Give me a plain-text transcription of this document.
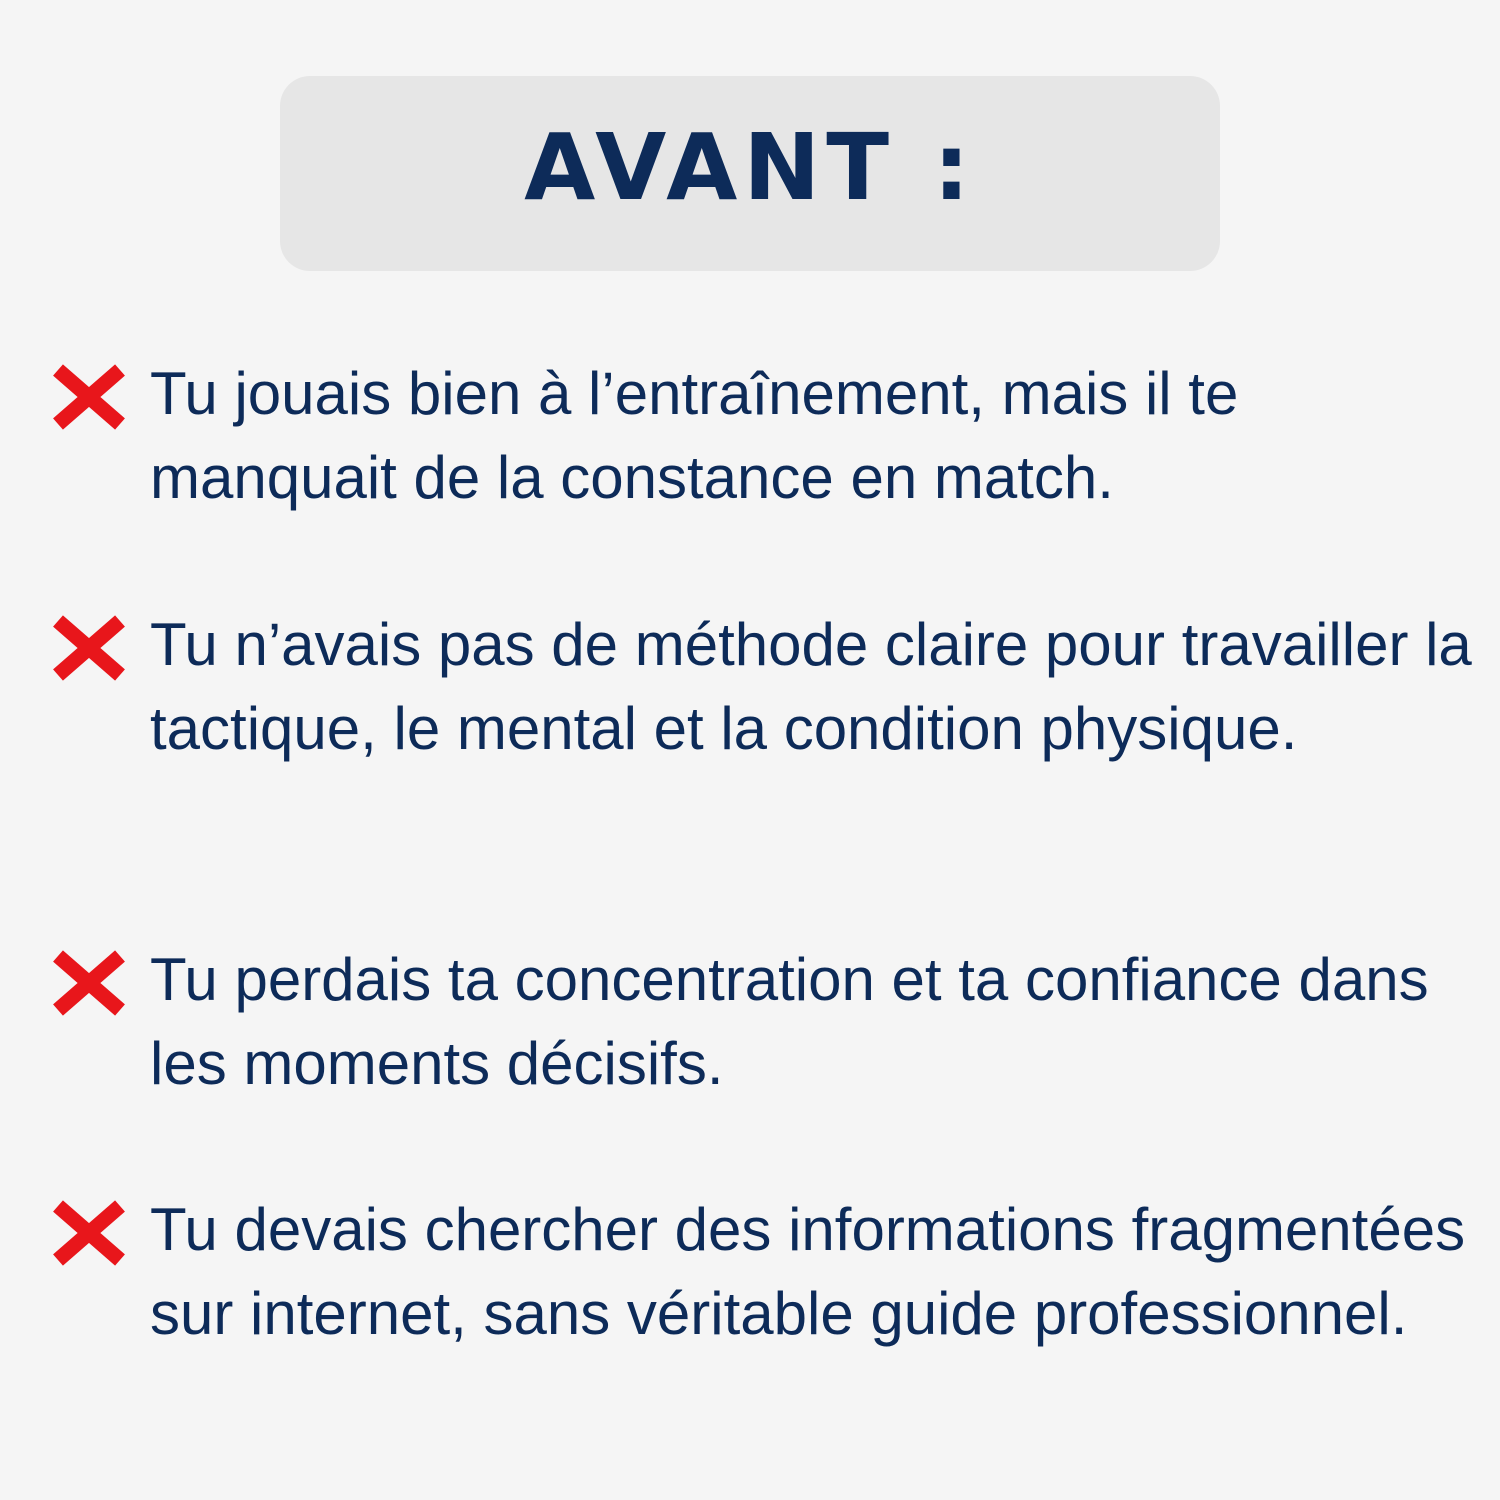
AVANT :

Tu jouais bien à l’entraînement, mais il te manquait de la constance en match.

Tu n’avais pas de méthode claire pour travailler la tactique, le mental et la condition physique.

Tu perdais ta concentration et ta confiance dans les moments décisifs.

Tu devais chercher des informations fragmentées sur internet, sans véritable guide professionnel.
